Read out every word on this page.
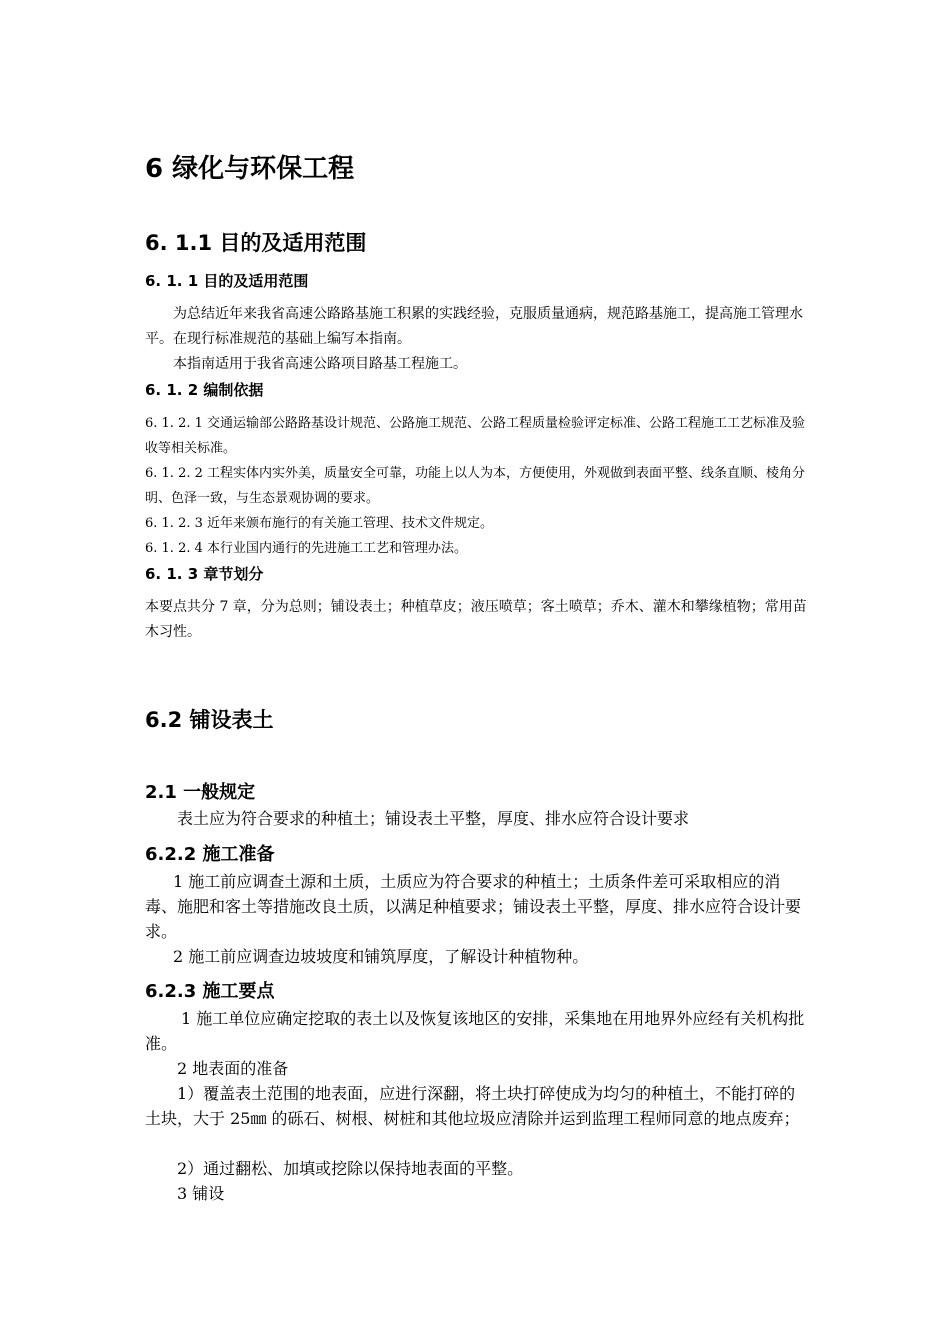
6 绿化与环保工程
6. 1.1 目的及适用范围
6. 1. 1 目的及适用范围

为总结近年来我省高速公路路基施工积累的实践经验，克服质量通病，规范路基施工，提高施工管理水平。在现行标准规范的基础上编写本指南。

本指南适用于我省高速公路项目路基工程施工。

6. 1. 2 编制依据

6. 1. 2. 1 交通运输部公路路基设计规范、公路施工规范、公路工程质量检验评定标准、公路工程施工工艺标准及验收等相关标准。

6. 1. 2. 2 工程实体内实外美，质量安全可靠，功能上以人为本，方便使用，外观做到表面平整、线条直顺、棱角分明、色泽一致，与生态景观协调的要求。

6. 1. 2. 3 近年来颁布施行的有关施工管理、技术文件规定。

6. 1. 2. 4 本行业国内通行的先进施工工艺和管理办法。

6. 1. 3 章节划分

本要点共分 7 章，分为总则；铺设表土；种植草皮；液压喷草；客土喷草；乔木、灌木和攀缘植物；常用苗木习性。

6.2 铺设表土
2.1 一般规定

表土应为符合要求的种植土；铺设表土平整，厚度、排水应符合设计要求

6.2.2 施工准备

1 施工前应调查土源和土质，土质应为符合要求的种植土；土质条件差可采取相应的消毒、施肥和客土等措施改良土质，以满足种植要求；铺设表土平整，厚度、排水应符合设计要求。

2 施工前应调查边坡坡度和铺筑厚度，了解设计种植物种。

6.2.3 施工要点

1 施工单位应确定挖取的表土以及恢复该地区的安排，采集地在用地界外应经有关机构批准。

2 地表面的准备

1）覆盖表土范围的地表面，应进行深翻，将土块打碎使成为均匀的种植土，不能打碎的土块，大于 25㎜ 的砾石、树根、树桩和其他垃圾应清除并运到监理工程师同意的地点废弃；

2）通过翻松、加填或挖除以保持地表面的平整。

3 铺设
